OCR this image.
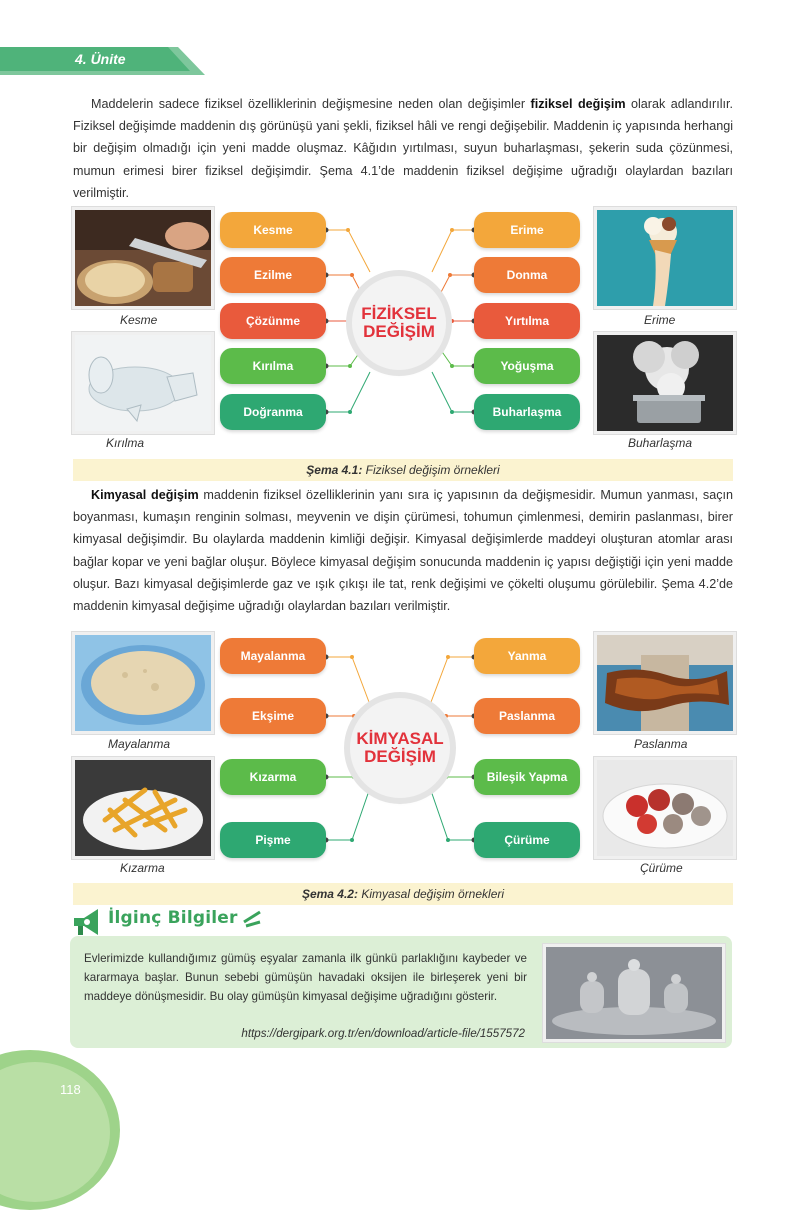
4. Ünite
Maddelerin sadece fiziksel özelliklerinin değişmesine neden olan değişimler fiziksel değişim olarak adlandırılır. Fiziksel değişimde maddenin dış görünüşü yani şekli, fiziksel hâli ve rengi değişebilir. Maddenin iç yapısında herhangi bir değişim olmadığı için yeni madde oluşmaz. Kâğıdın yırtılması, suyun buharlaşması, şekerin suda çözünmesi, mumun erimesi birer fiziksel değişimdir. Şema 4.1’de maddenin fiziksel değişime uğradığı olaylardan bazıları verilmiştir.
FİZİKSEL
DEĞİŞİM
Kesme
Ezilme
Çözünme
Kırılma
Doğranma
Erime
Donma
Yırtılma
Yoğuşma
Buharlaşma
Kesme
Kırılma
Erime
Buharlaşma
Şema 4.1: Fiziksel değişim örnekleri
Kimyasal değişim maddenin fiziksel özelliklerinin yanı sıra iç yapısının da değişmesidir. Mumun yanması, saçın boyanması, kumaşın renginin solması, meyvenin ve dişin çürümesi, tohumun çimlenmesi, demirin paslanması, birer kimyasal değişimdir. Bu olaylarda maddenin kimliği değişir. Kimyasal değişimlerde maddeyi oluşturan atomlar arası bağlar kopar ve yeni bağlar oluşur. Böylece kimyasal değişim sonucunda maddenin iç yapısı değiştiği için yeni madde oluşur. Bazı kimyasal değişimlerde gaz ve ışık çıkışı ile tat, renk değişimi ve çökelti oluşumu görülebilir. Şema 4.2’de maddenin kimyasal değişime uğradığı olaylardan bazıları verilmiştir.
KİMYASAL
DEĞİŞİM
Mayalanma
Ekşime
Kızarma
Pişme
Yanma
Paslanma
Bileşik Yapma
Çürüme
Mayalanma
Kızarma
Paslanma
Çürüme
Şema 4.2: Kimyasal değişim örnekleri
İlginç Bilgiler
Evlerimizde kullandığımız gümüş eşyalar zamanla ilk günkü parlaklığını kaybeder ve kararmaya başlar. Bunun sebebi gümüşün havadaki oksijen ile birleşerek yeni bir maddeye dönüşmesidir. Bu olay gümüşün kimyasal değişime uğradığını gösterir.
https://dergipark.org.tr/en/download/article-file/1557572
118
